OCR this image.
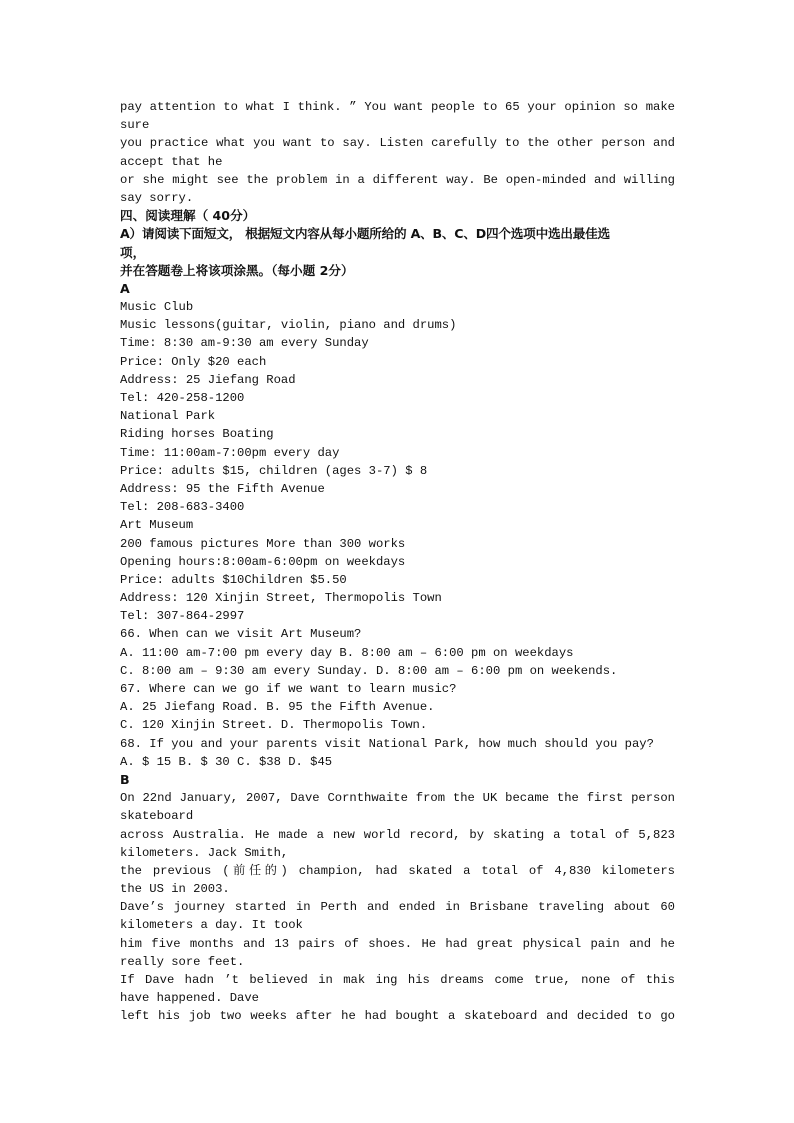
pay attention to what I think. ” You want people to 65 your opinion so make
sure
you practice what you want to say. Listen carefully to the other person and
accept that he
or she might see the problem in a different way. Be open-minded and willing
say sorry.
四、阅读理解（ 40分）
A）请阅读下面短文， 根据短文内容从每小题所给的 A、B、C、D四个选项中选出最佳选
项，
并在答题卷上将该项涂黑。（每小题 2分）
A
Music Club
Music lessons(guitar, violin, piano and drums)
Time: 8:30 am-9:30 am every Sunday
Price: Only $20 each
Address: 25 Jiefang Road
Tel: 420-258-1200
National Park
Riding horses Boating
Time: 11:00am-7:00pm every day
Price: adults $15, children (ages 3-7) $ 8
Address: 95 the Fifth Avenue
Tel: 208-683-3400
Art Museum
200 famous pictures More than 300 works
Opening hours:8:00am-6:00pm on weekdays
Price: adults $10Children $5.50
Address: 120 Xinjin Street, Thermopolis Town
Tel: 307-864-2997
66. When can we visit Art Museum?
A. 11:00 am-7:00 pm every day B. 8:00 am – 6:00 pm on weekdays
C. 8:00 am – 9:30 am every Sunday. D. 8:00 am – 6:00 pm on weekends.
67. Where can we go if we want to learn music?
A. 25 Jiefang Road. B. 95 the Fifth Avenue.
C. 120 Xinjin Street. D. Thermopolis Town.
68. If you and your parents visit National Park, how much should you pay?
A. $ 15 B. $ 30 C. $38 D. $45
B
On 22nd January, 2007, Dave Cornthwaite from the UK became the first person
skateboard
across Australia. He made a new world record, by skating a total of 5,823
kilometers. Jack Smith,
the previous (前任的) champion, had skated a total of 4,830 kilometers
the US in 2003.
Dave’s journey started in Perth and ended in Brisbane traveling about 60
kilometers a day. It took
him five months and 13 pairs of shoes. He had great physical pain and he
really sore feet.
If Dave hadn ’t believed in mak ing his dreams come true, none of this
have happened. Dave
left his job two weeks after he had bought a skateboard and decided to go
